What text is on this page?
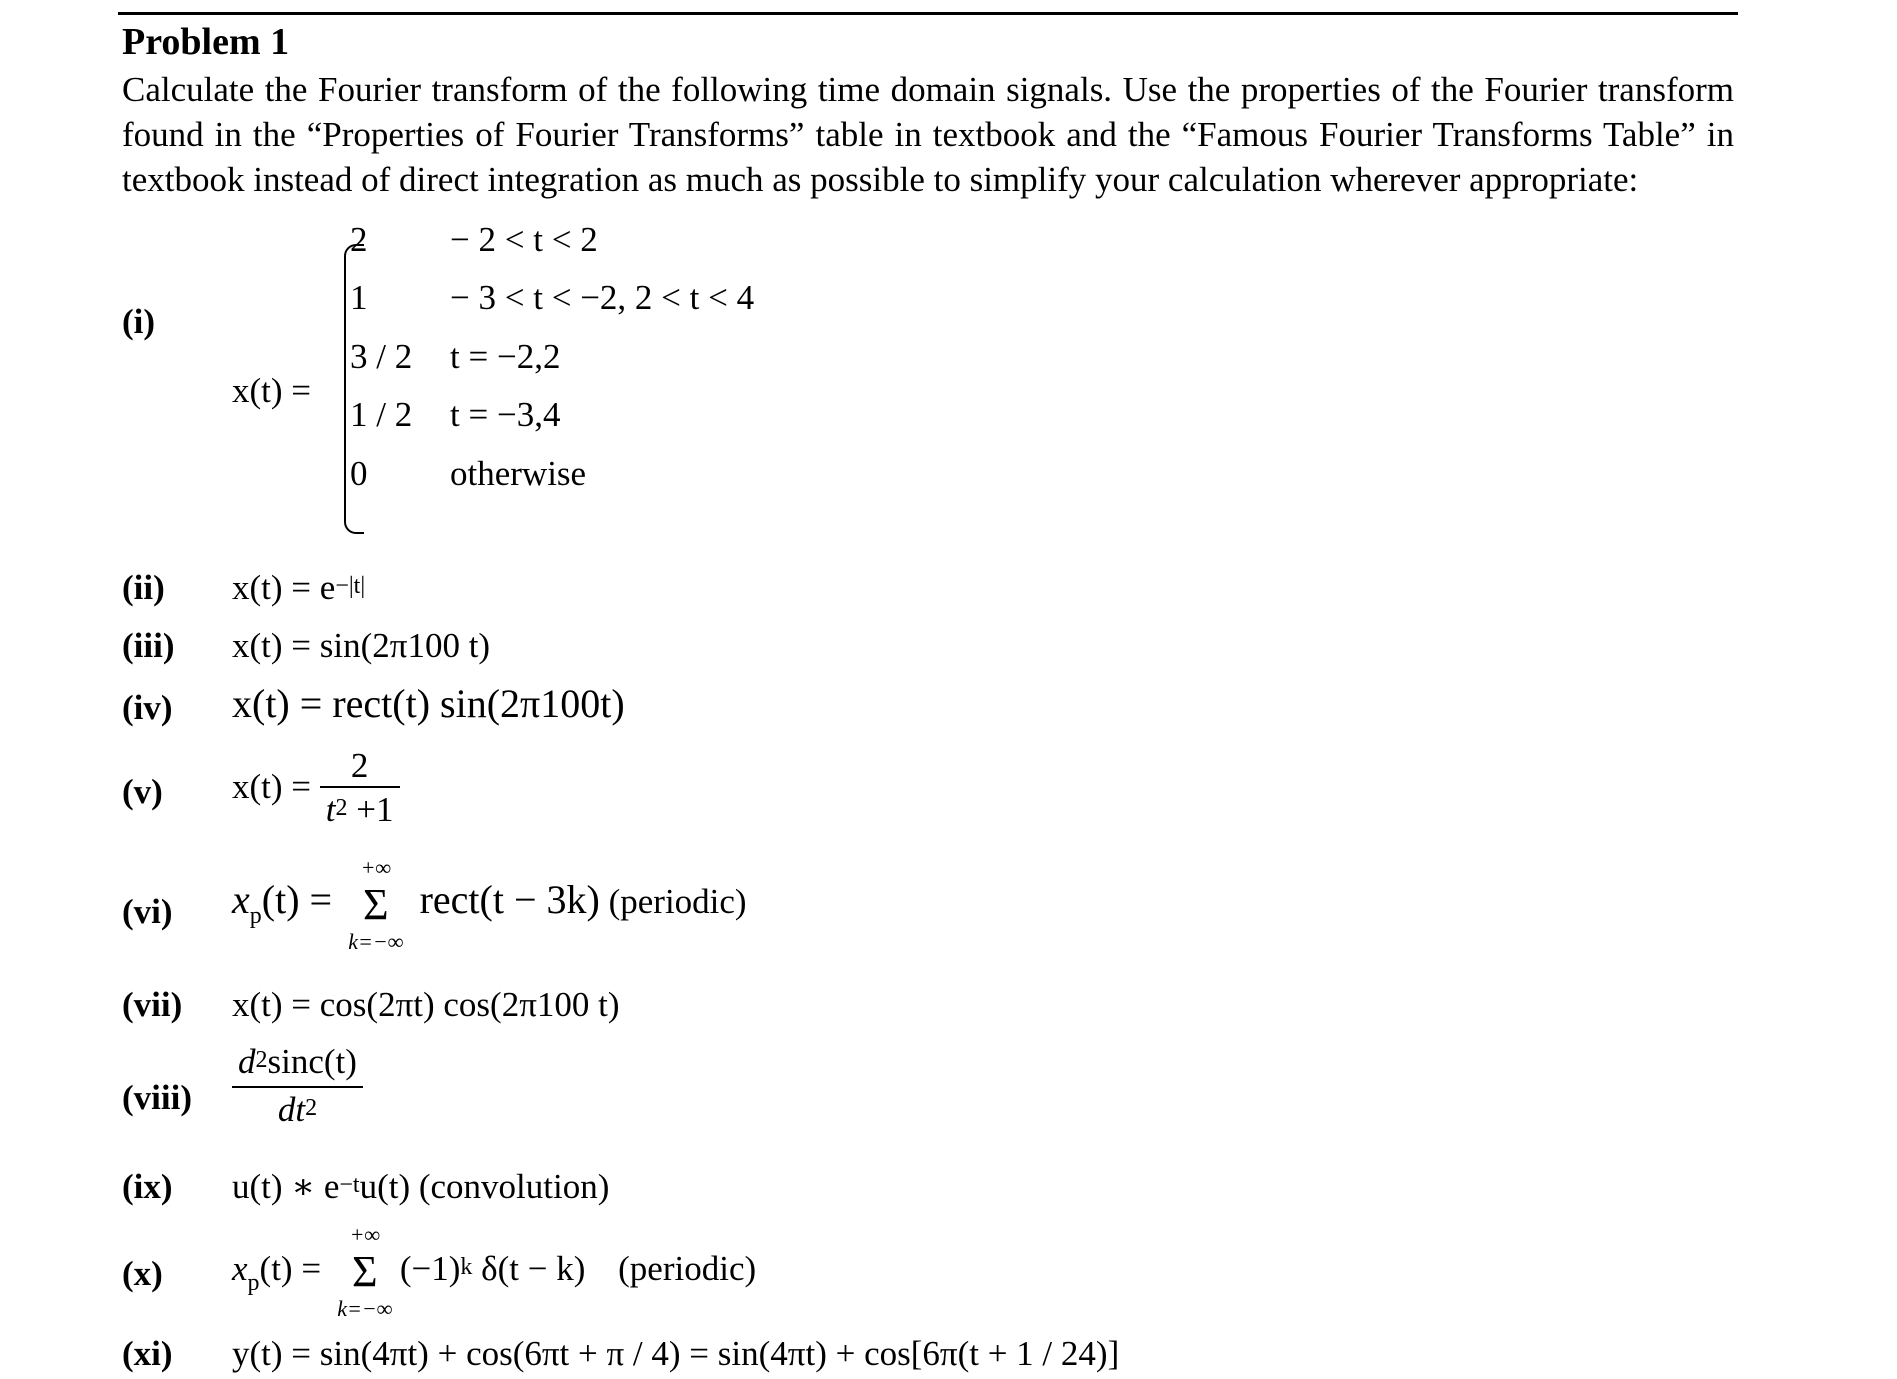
Problem 1

Calculate the Fourier transform of the following time domain signals. Use the properties of the Fourier transform found in the “Properties of Fourier Transforms” table in textbook and the “Famous Fourier Transforms Table” in textbook instead of direct integration as much as possible to simplify your calculation wherever appropriate:

(i)
x(t) =
2 − 2 < t < 2
1 − 3 < t < −2, 2 < t < 4
3 / 2 t = −2,2
1 / 2 t = −3,4
0 otherwise
(ii) $x(t) = e^{-|t|}$
(iii) x(t) = sin(2π100 t)
(iv) x(t) = rect(t) sin(2π100t)
(v) $x(t) = \frac{2}{t^2 +1}$
(vi) $x_p(t)$ =
+∞
Σ
k=−∞
rect(t − 3k) (periodic)
(vii) x(t) = cos(2πt) cos(2π100 t)
(viii) $\frac{d^2\sin c(t)}{dt^2}$
(ix) u(t) ∗ $e^{-t}u(t)$ (convolution)
(x) $x_p(t)$ =
+∞
Σ
k=−∞
$(-1)^k$ δ(t − k) (periodic)
(xi) y(t) = sin(4πt) + cos(6πt + π / 4) = sin(4πt) + cos[6π(t + 1 / 24)]
